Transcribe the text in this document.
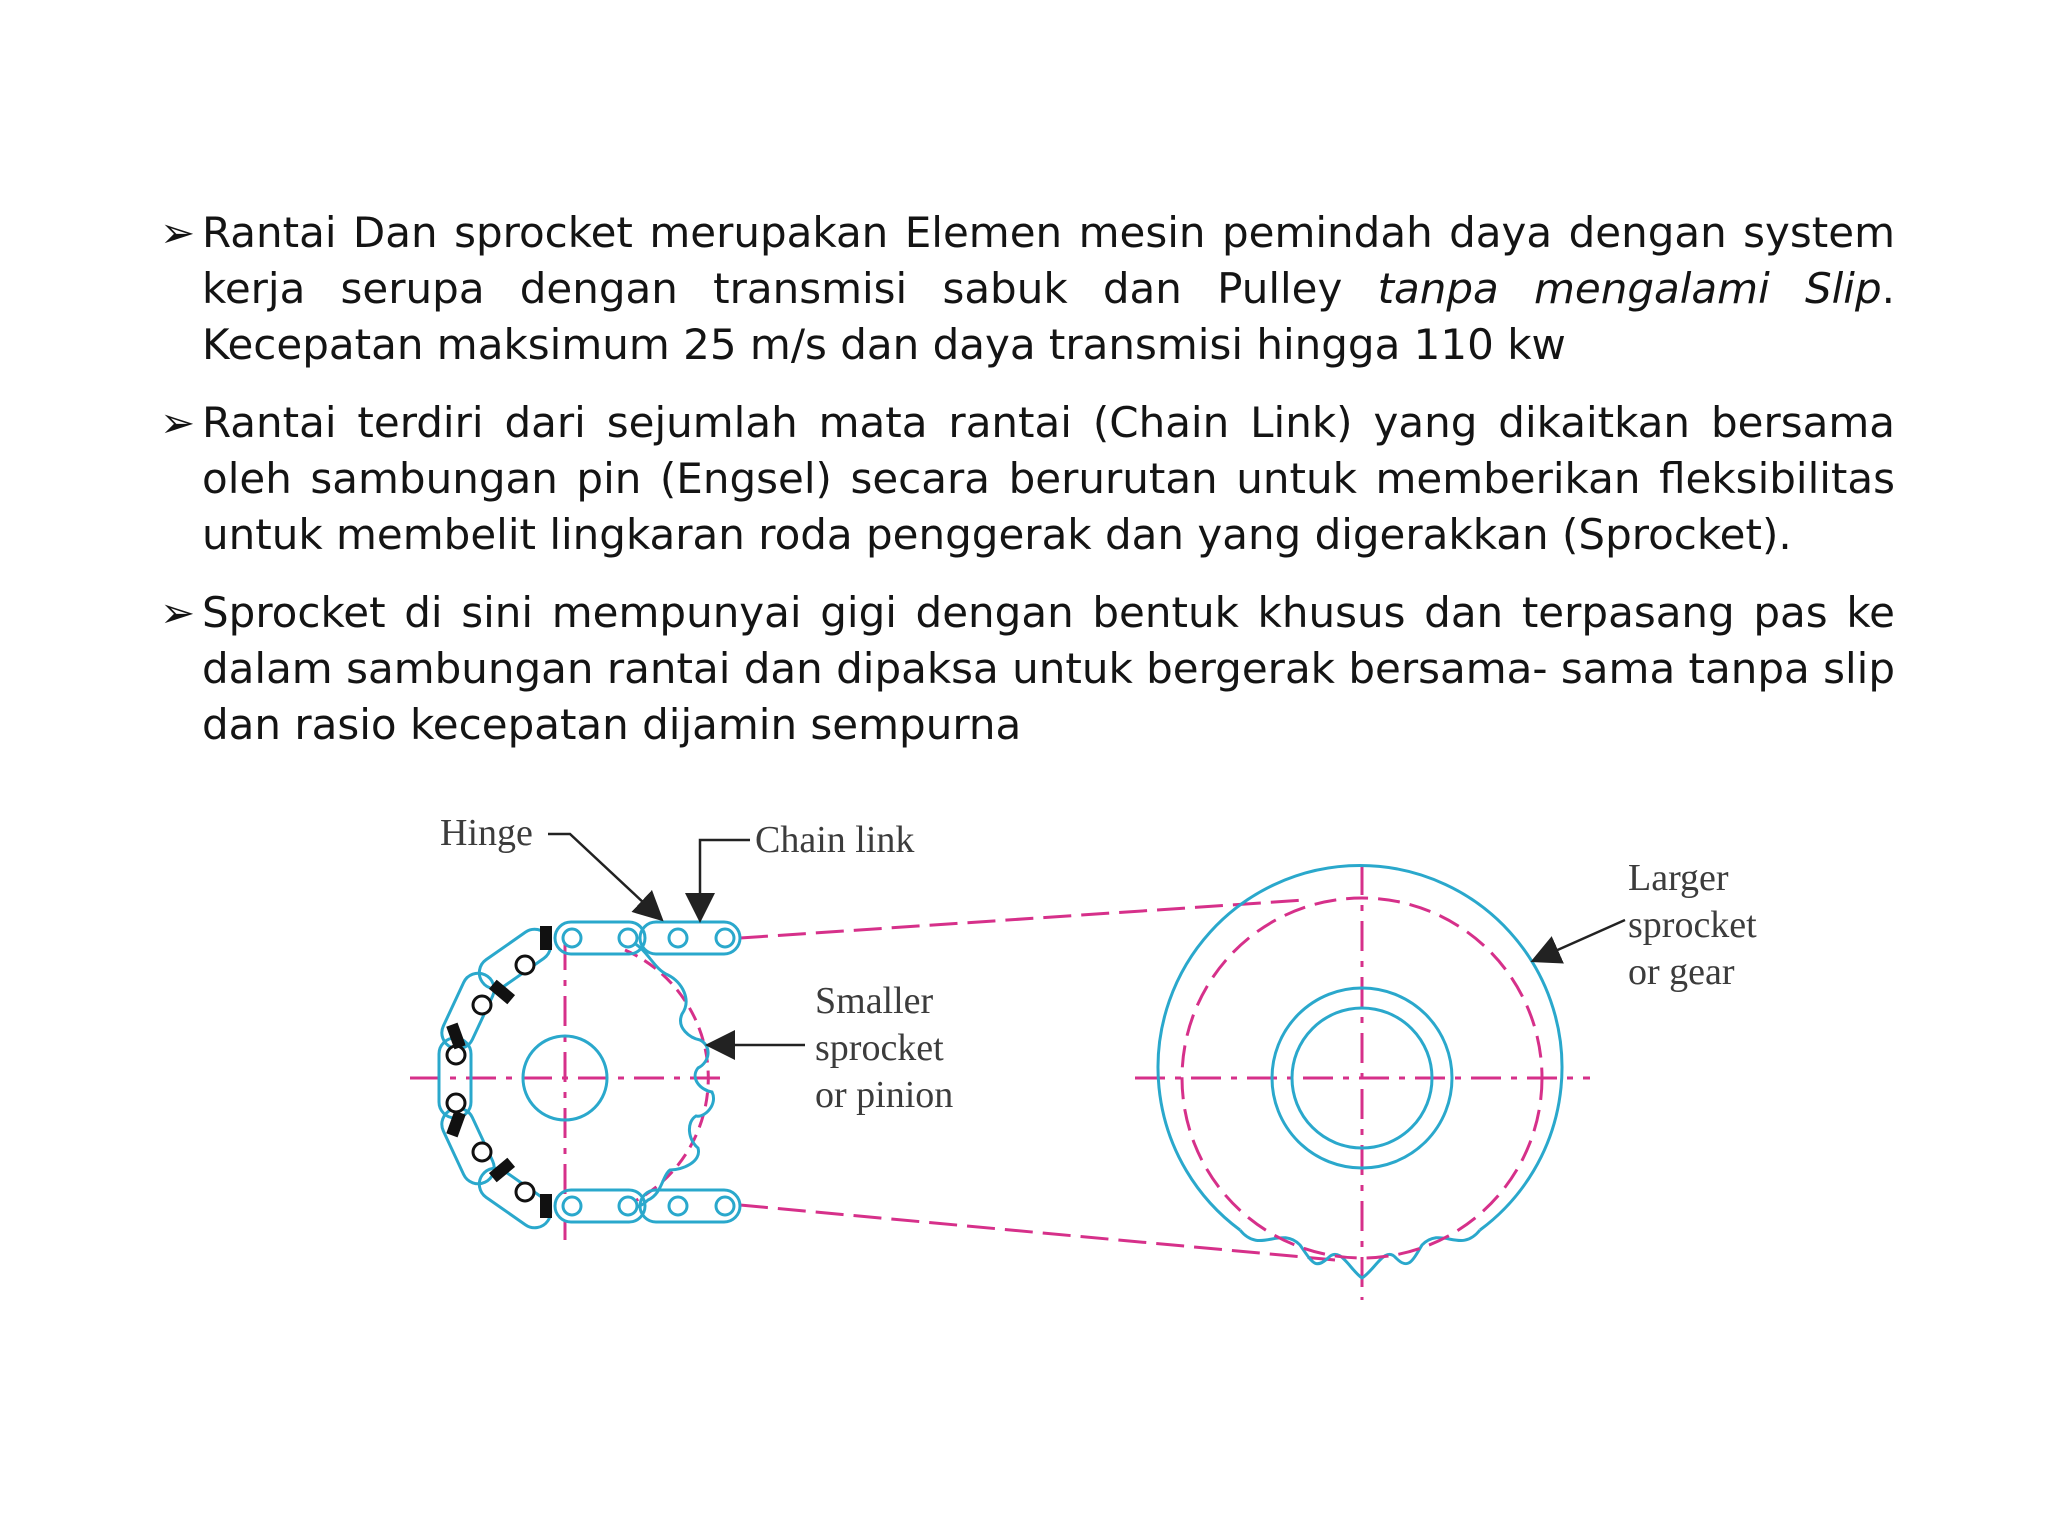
➢ Rantai Dan sprocket merupakan Elemen mesin pemindah daya dengan system kerja serupa dengan transmisi sabuk dan Pulley tanpa mengalami Slip. Kecepatan maksimum 25 m/s dan daya transmisi hingga 110 kw
➢ Rantai terdiri dari sejumlah mata rantai (Chain Link) yang dikaitkan bersama oleh sambungan pin (Engsel) secara berurutan untuk memberikan fleksibilitas untuk membelit lingkaran roda penggerak dan yang digerakkan (Sprocket).
➢ Sprocket di sini mempunyai gigi dengan bentuk khusus dan terpasang pas ke dalam sambungan rantai dan dipaksa untuk bergerak bersama- sama tanpa slip dan rasio kecepatan dijamin sempurna
Hinge	Chain link
Smaller
sprocket
or pinion
Larger
sprocket
or gear
